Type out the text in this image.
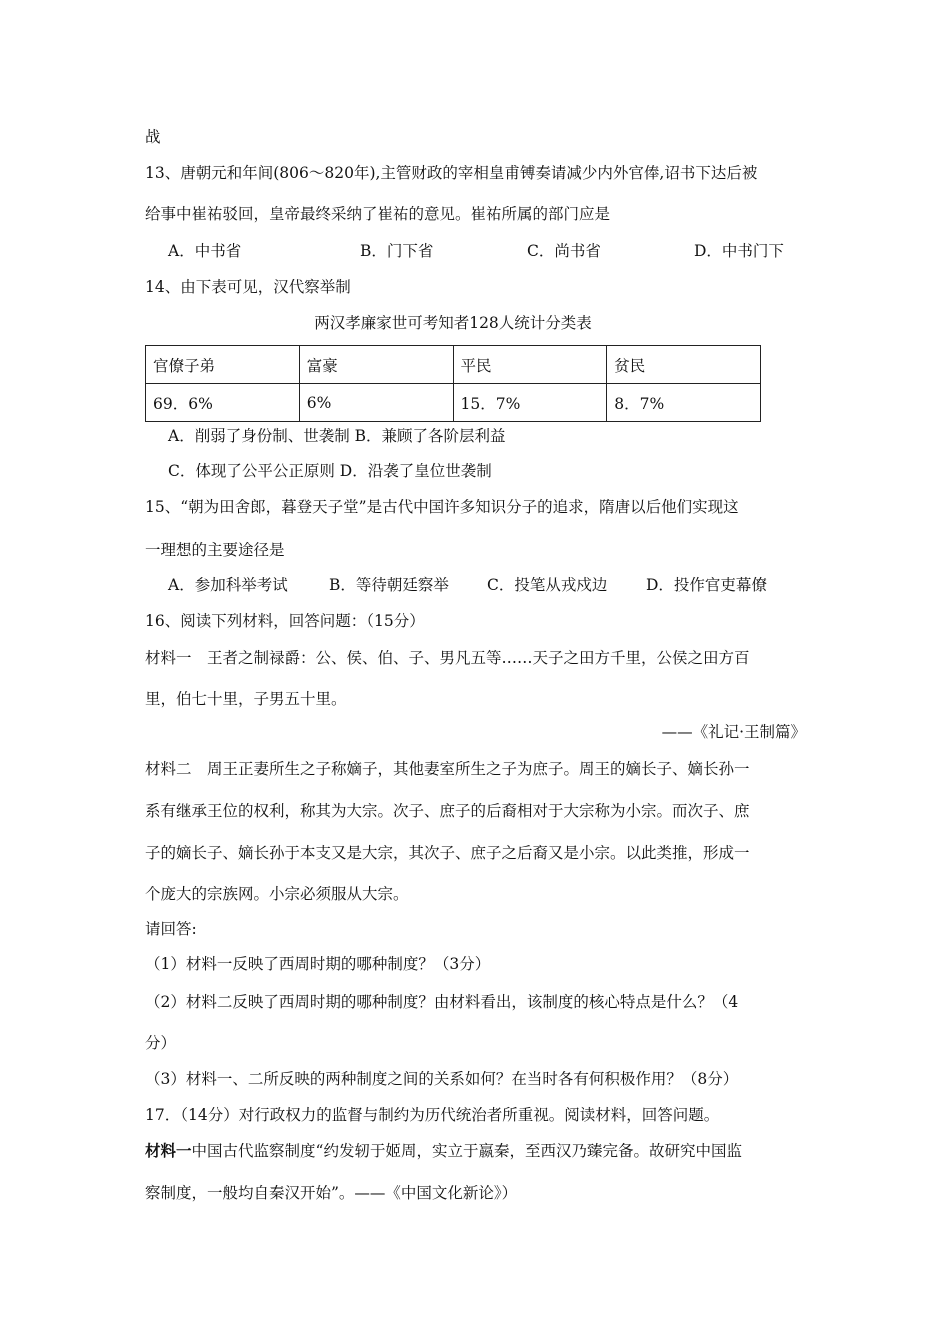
战
13、唐朝元和年间(806～820年),主管财政的宰相皇甫镈奏请减少内外官俸,诏书下达后被
给事中崔祐驳回，皇帝最终采纳了崔祐的意见。崔祐所属的部门应是
A．中书省	B．门下省	C．尚书省	D．中书门下
14、由下表可见，汉代察举制
两汉孝廉家世可考知者128人统计分类表
官僚子弟	富豪	平民	贫民
69．6%	6%	15．7%	8．7%
A．削弱了身份制、世袭制 B．兼顾了各阶层利益
C．体现了公平公正原则 D．沿袭了皇位世袭制
15、“朝为田舍郎，暮登天子堂”是古代中国许多知识分子的追求，隋唐以后他们实现这
一理想的主要途径是
A．参加科举考试	B．等待朝廷察举 C．投笔从戎戍边 D．投作官吏幕僚
16、阅读下列材料，回答问题：（15分）
材料一　王者之制禄爵：公、侯、伯、子、男凡五等……天子之田方千里，公侯之田方百
里，伯七十里，子男五十里。
——《礼记·王制篇》
材料二　周王正妻所生之子称嫡子，其他妻室所生之子为庶子。周王的嫡长子、嫡长孙一
系有继承王位的权利，称其为大宗。次子、庶子的后裔相对于大宗称为小宗。而次子、庶
子的嫡长子、嫡长孙于本支又是大宗，其次子、庶子之后裔又是小宗。以此类推，形成一
个庞大的宗族网。小宗必须服从大宗。
请回答:
（1）材料一反映了西周时期的哪种制度？（3分）
（2）材料二反映了西周时期的哪种制度？由材料看出，该制度的核心特点是什么？（4
分）
（3）材料一、二所反映的两种制度之间的关系如何？在当时各有何积极作用？（8分）
17．（14分）对行政权力的监督与制约为历代统治者所重视。阅读材料，回答问题。
材料一中国古代监察制度“约发轫于姬周，实立于嬴秦，至西汉乃臻完备。故研究中国监
察制度，一般均自秦汉开始”。——《中国文化新论》）
